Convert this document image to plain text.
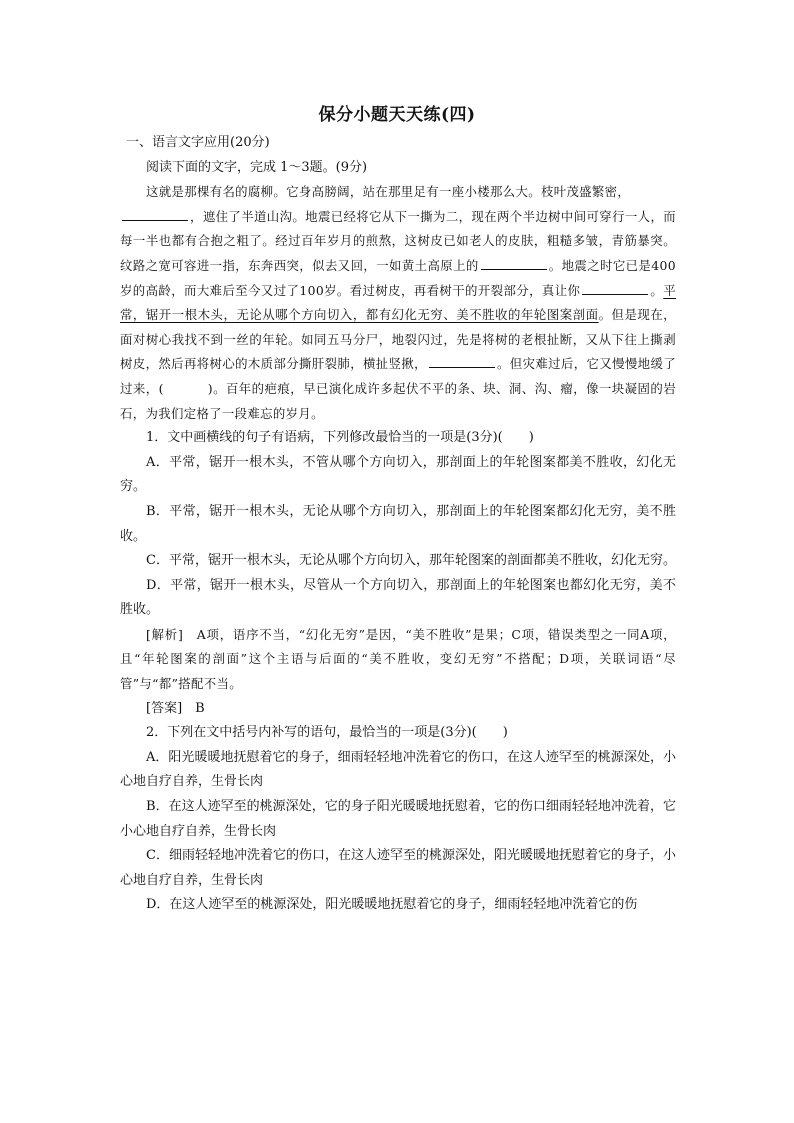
保分小题天天练(四)

一、语言文字应用(20分)

阅读下面的文字，完成 1～3题。(9分)

这就是那棵有名的腐柳。它身高膀阔，站在那里足有一座小楼那么大。枝叶茂盛繁密，
，遮住了半道山沟。地震已经将它从下一撕为二，现在两个半边树中间可穿行一人，而每一半也都有合抱之粗了。经过百年岁月的煎熬，这树皮已如老人的皮肤，粗糙多皱，青筋暴突。纹路之宽可容进一指，东奔西突，似去又回，一如黄土高原上的	。地震之时它已是400岁的高龄，而大难后至今又过了100岁。看过树皮，再看树干的开裂部分，真让你	。平常，锯开一根木头，无论从哪个方向切入，都有幻化无穷、美不胜收的年轮图案剖面。但是现在，面对树心我找不到一丝的年轮。如同五马分尸，地裂闪过，先是将树的老根扯断，又从下往上撕剥树皮，然后再将树心的木质部分撕肝裂肺，横扯竖揪，	。但灾难过后，它又慢慢地缓了过来，(	)。百年的疤痕，早已演化成许多起伏不平的条、块、洞、沟、瘤，像一块凝固的岩石，为我们定格了一段难忘的岁月。

1．文中画横线的句子有语病，下列修改最恰当的一项是(3分)(　　)

A．平常，锯开一根木头，不管从哪个方向切入，那剖面上的年轮图案都美不胜收，幻化无穷。

B．平常，锯开一根木头，无论从哪个方向切入，那剖面上的年轮图案都幻化无穷，美不胜收。

C．平常，锯开一根木头，无论从哪个方向切入，那年轮图案的剖面都美不胜收，幻化无穷。

D．平常，锯开一根木头，尽管从一个方向切入，那剖面上的年轮图案也都幻化无穷，美不胜收。

[解析]　 A项，语序不当，“幻化无穷”是因，“美不胜收”是果；C项，错误类型之一同A项，且“年轮图案的剖面”这个主语与后面的“美不胜收，变幻无穷”不搭配；D项，关联词语“尽管”与“都”搭配不当。

[答案]　 B

2．下列在文中括号内补写的语句，最恰当的一项是(3分)(　　)

A．阳光暖暖地抚慰着它的身子，细雨轻轻地冲洗着它的伤口，在这人迹罕至的桃源深处，小心地自疗自养，生骨长肉

B．在这人迹罕至的桃源深处，它的身子阳光暖暖地抚慰着，它的伤口细雨轻轻地冲洗着，它小心地自疗自养，生骨长肉

C．细雨轻轻地冲洗着它的伤口，在这人迹罕至的桃源深处，阳光暖暖地抚慰着它的身子，小心地自疗自养，生骨长肉

D．在这人迹罕至的桃源深处，阳光暖暖地抚慰着它的身子，细雨轻轻地冲洗着它的伤
